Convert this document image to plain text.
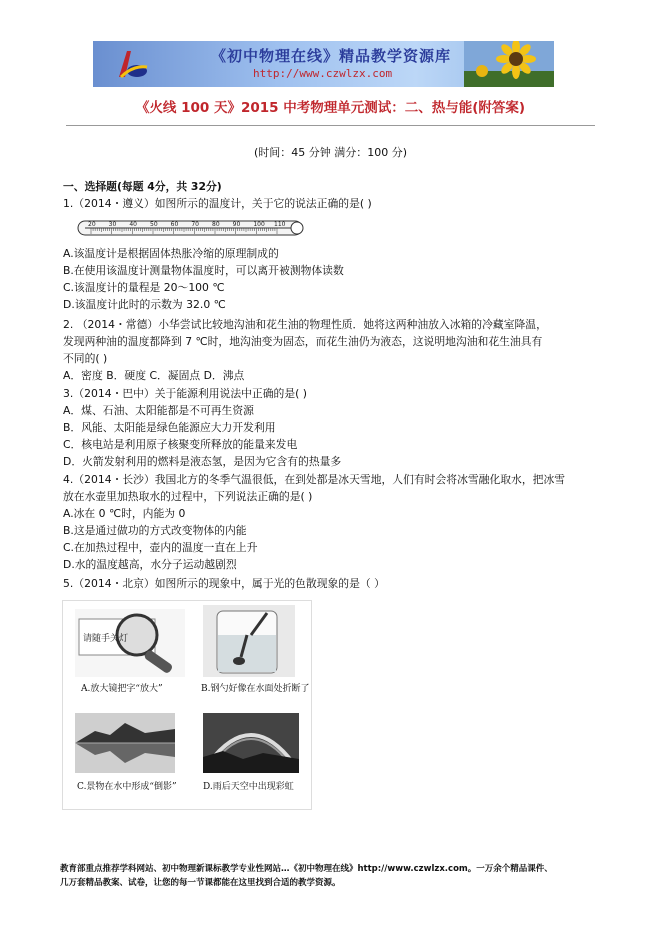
《初中物理在线》精品教学资源库
http://www.czwlzx.com
《火线 100 天》2015 中考物理单元测试：二、热与能(附答案)
(时间：45 分钟 满分：100 分)
一、选择题(每题 4分，共 32分)
1.（2014・遵义）如图所示的温度计，关于它的说法正确的是( )
20 30 40 50 60 70 80 90 100 110
A.该温度计是根据固体热胀冷缩的原理制成的
B.在使用该温度计测量物体温度时，可以离开被测物体读数
C.该温度计的量程是 20～100 ℃
D.该温度计此时的示数为 32.0 ℃
2. （2014・常德）小华尝试比较地沟油和花生油的物理性质．她将这两种油放入冰箱的冷藏室降温，
发现两种油的温度都降到 7 ℃时，地沟油变为固态，而花生油仍为液态，这说明地沟油和花生油具有
不同的( )
A．密度 B．硬度 C．凝固点 D．沸点
3.（2014・巴中）关于能源利用说法中正确的是( )
A．煤、石油、太阳能都是不可再生资源
B．风能、太阳能是绿色能源应大力开发利用
C．核电站是利用原子核聚变所释放的能量来发电
D．火箭发射利用的燃料是液态氢，是因为它含有的热量多
4.（2014・长沙）我国北方的冬季气温很低，在到处都是冰天雪地，人们有时会将冰雪融化取水，把冰雪
放在水壶里加热取水的过程中，下列说法正确的是( )
A.冰在 0 ℃时，内能为 0
B.这是通过做功的方式改变物体的内能
C.在加热过程中，壶内的温度一直在上升
D.水的温度越高，水分子运动越剧烈
5.（2014・北京）如图所示的现象中，属于光的色散现象的是（ ）
请随手关灯
A.放大镜把字“放大”	B.钢勺好像在水面处折断了
C.景物在水中形成“倒影”	D.雨后天空中出现彩虹
教育部重点推荐学科网站、初中物理新课标教学专业性网站…《初中物理在线》http://www.czwlzx.com。一万余个精品课件、
几万套精品教案、试卷，让您的每一节课都能在这里找到合适的教学资源。
